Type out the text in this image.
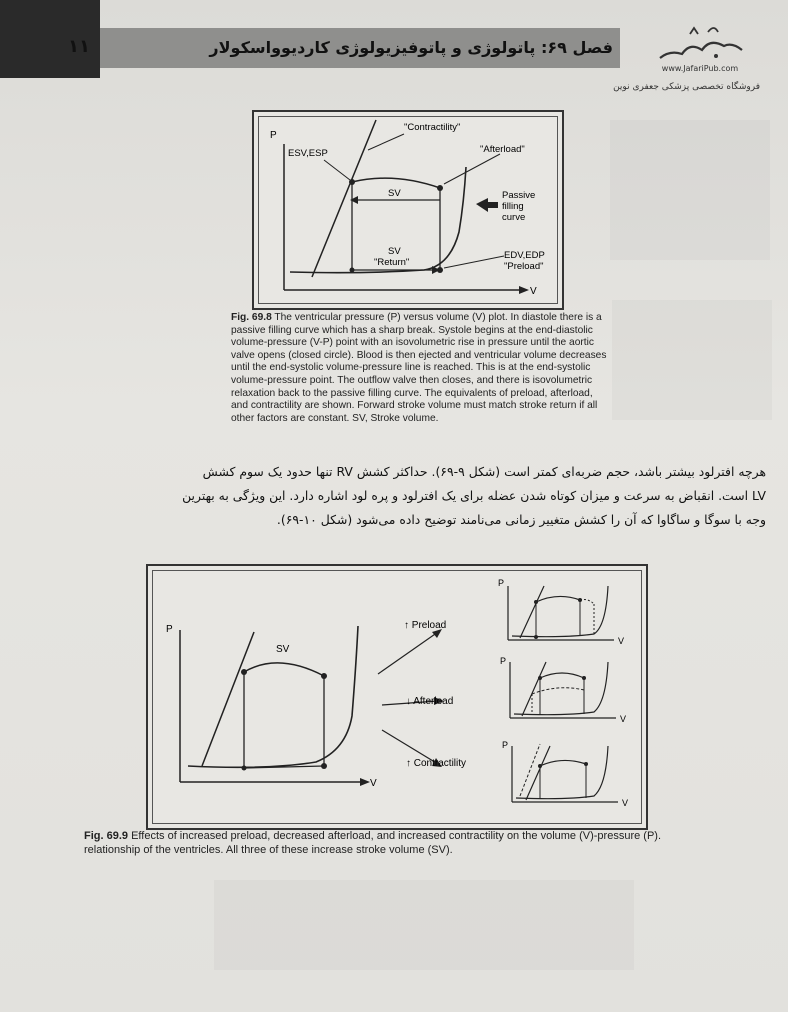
۱۱	فصل ۶۹: پاتولوژی و پاتوفیزیولوژی کاردیوواسکولار
www.JafariPub.com
فروشگاه تخصصی پزشکی جعفری نوین
P
V
"Contractility"
ESV,ESP	"Afterload"
SV	Passive
filling
curve
SV
"Return"
EDV,EDP
"Preload"
Fig. 69.8 The ventricular pressure (P) versus volume (V) plot. In diastole there is a passive filling curve which has a sharp break. Systole begins at the end-diastolic volume-pressure (V-P) point with an isovolumetric rise in pressure until the aortic valve opens (closed circle). Blood is then ejected and ventricular volume decreases until the end-systolic volume-pressure line is reached. This is at the end-systolic volume-pressure point. The outflow valve then closes, and there is isovolumetric relaxation back to the passive filling curve. The equivalents of preload, afterload, and contractility are shown. Forward stroke volume must match stroke return if all other factors are constant. SV, Stroke volume.
هرچه افترلود بیشتر باشد، حجم ضربه‌ای کمتر است (شکل ۹-۶۹). حداکثر کشش RV تنها حدود یک سوم کشش
LV است. انقباض به سرعت و میزان کوتاه شدن عضله برای یک افترلود و پره لود اشاره دارد. این ویژگی به بهترین
وجه با سوگا و ساگاوا که آن را کشش متغییر زمانی می‌نامند توضیح داده می‌شود (شکل ۱۰-۶۹).
P
V
SV
↑ Preload
↓ Afterload
↑ Contractility
P
V
P
V
P
V
Fig. 69.9 Effects of increased preload, decreased afterload, and increased contractility on the volume (V)-pressure (P). relationship of the ventricles. All three of these increase stroke volume (SV).
